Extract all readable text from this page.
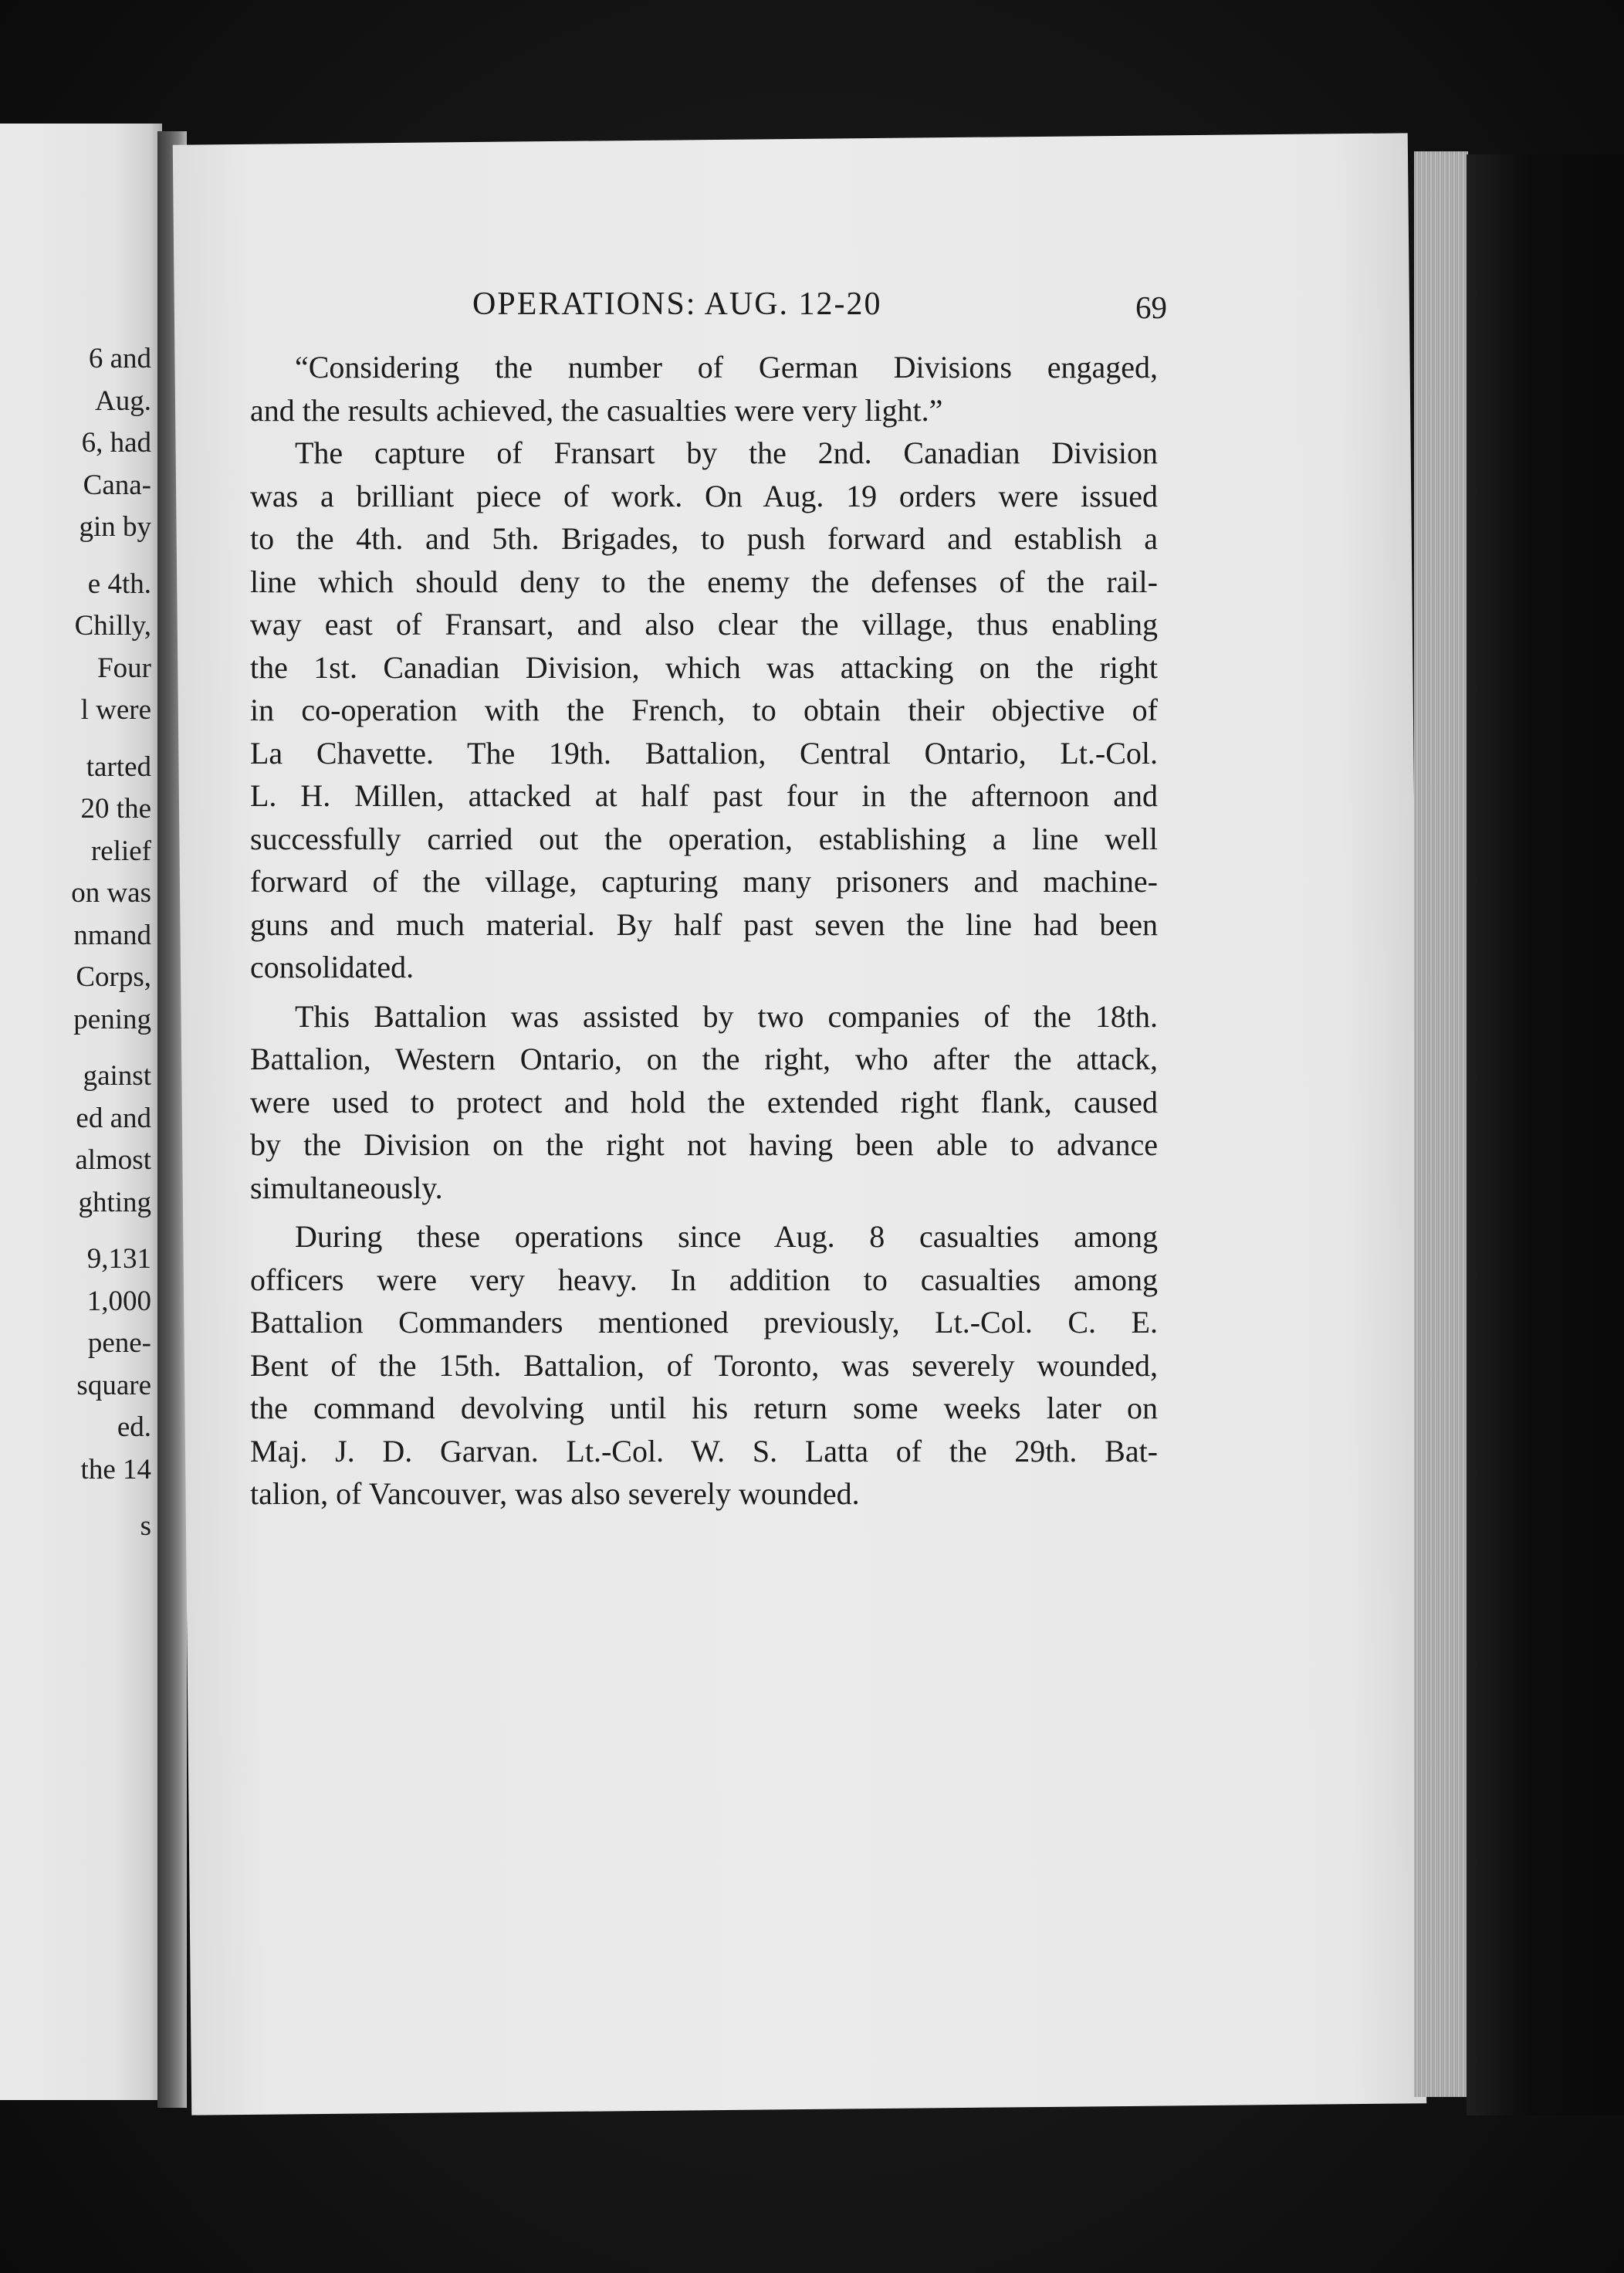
6 and
Aug.
6, had
Cana-
gin by
e 4th.
Chilly,
Four
l were
tarted
20 the
relief
on was
nmand
Corps,
pening
gainst
ed and
almost
ghting
9,131
1,000
pene-
square
ed.
the 14
s
OPERATIONS: AUG. 12-20	69
“Considering the number of German Divisions engaged,
and the results achieved, the casualties were very light.”
The capture of Fransart by the 2nd. Canadian Division
was a brilliant piece of work. On Aug. 19 orders were issued
to the 4th. and 5th. Brigades, to push forward and establish a
line which should deny to the enemy the defenses of the rail-
way east of Fransart, and also clear the village, thus enabling
the 1st. Canadian Division, which was attacking on the right
in co-operation with the French, to obtain their objective of
La Chavette. The 19th. Battalion, Central Ontario, Lt.-Col.
L. H. Millen, attacked at half past four in the afternoon and
successfully carried out the operation, establishing a line well
forward of the village, capturing many prisoners and machine-
guns and much material. By half past seven the line had been
consolidated.
This Battalion was assisted by two companies of the 18th.
Battalion, Western Ontario, on the right, who after the attack,
were used to protect and hold the extended right flank, caused
by the Division on the right not having been able to advance
simultaneously.
During these operations since Aug. 8 casualties among
officers were very heavy. In addition to casualties among
Battalion Commanders mentioned previously, Lt.-Col. C. E.
Bent of the 15th. Battalion, of Toronto, was severely wounded,
the command devolving until his return some weeks later on
Maj. J. D. Garvan. Lt.-Col. W. S. Latta of the 29th. Bat-
talion, of Vancouver, was also severely wounded.
